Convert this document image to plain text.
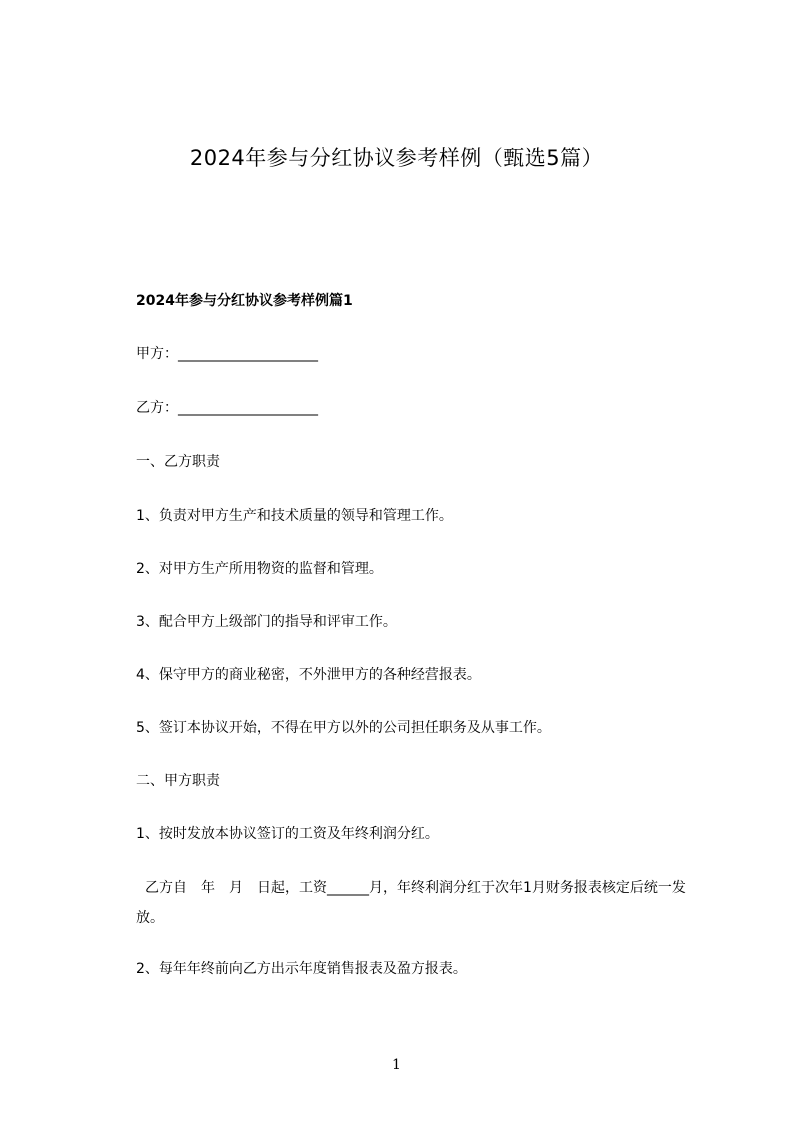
2024年参与分红协议参考样例（甄选5篇）
2024年参与分红协议参考样例篇1

甲方：____________________

乙方：____________________

一、乙方职责

1、负责对甲方生产和技术质量的领导和管理工作。

2、对甲方生产所用物资的监督和管理。

3、配合甲方上级部门的指导和评审工作。

4、保守甲方的商业秘密，不外泄甲方的各种经营报表。

5、签订本协议开始，不得在甲方以外的公司担任职务及从事工作。

二、甲方职责

1、按时发放本协议签订的工资及年终利润分红。

乙方自　年　月　日起，工资______月，年终利润分红于次年1月财务报表核定后统一发放。

2、每年年终前向乙方出示年度销售报表及盈方报表。

1
